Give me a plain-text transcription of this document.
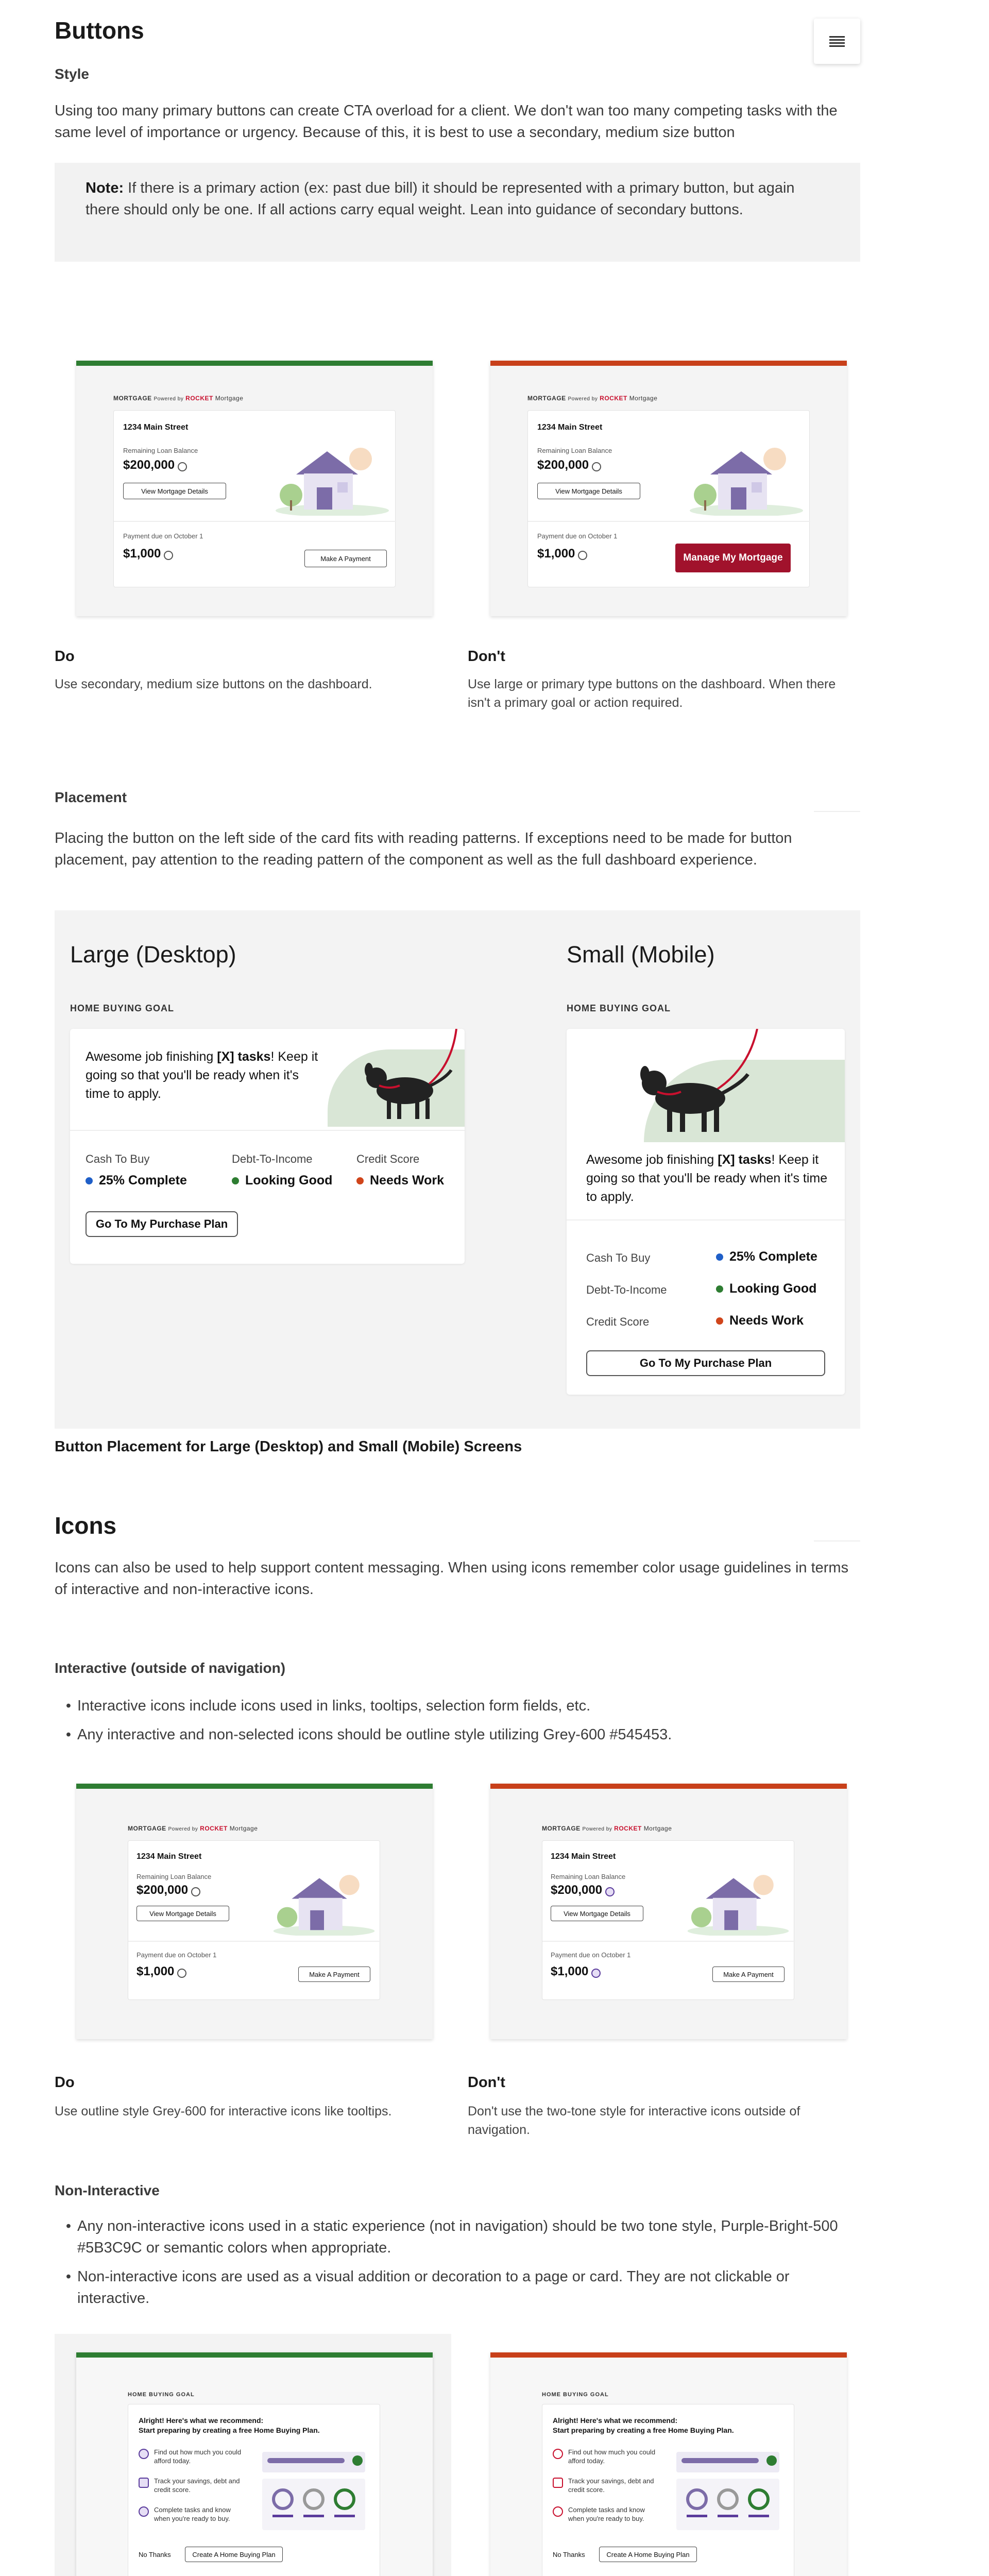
Buttons
Style
Using too many primary buttons can create CTA overload for a client. We don't wan too many competing tasks with the same level of importance or urgency. Because of this, it is best to use a secondary, medium size button

Note: If there is a primary action (ex: past due bill) it should be represented with a primary button, but again there should only be one. If all actions carry equal weight. Lean into guidance of secondary buttons.

MORTGAGE Powered by ROCKET Mortgage
1234 Main Street
Remaining Loan Balance
$200,000
View Mortgage Details
Payment due on October 1
$1,000	Make A Payment
MORTGAGE Powered by ROCKET Mortgage
1234 Main Street
Remaining Loan Balance
$200,000
View Mortgage Details
Payment due on October 1
$1,000	Manage My Mortgage
Do
Use secondary, medium size buttons on the dashboard.
Don't
Use large or primary type buttons on the dashboard. When there isn't a primary goal or action required.
Placement
Placing the button on the left side of the card fits with reading patterns. If exceptions need to be made for button placement, pay attention to the reading pattern of the component as well as the full dashboard experience.
Large (Desktop)	Small (Mobile)
HOME BUYING GOAL	HOME BUYING GOAL
Awesome job finishing [X] tasks! Keep it going so that you'll be ready when it's time to apply.
Cash To Buy	Debt-To-Income	Credit Score
25% Complete	Looking Good	Needs Work
Go To My Purchase Plan
Awesome job finishing [X] tasks! Keep it going so that you'll be ready when it's time to apply.
Cash To Buy	25% Complete
Debt-To-Income	Looking Good
Credit Score	Needs Work
Go To My Purchase Plan
Button Placement for Large (Desktop) and Small (Mobile) Screens
Icons
Icons can also be used to help support content messaging. When using icons remember color usage guidelines in terms of interactive and non-interactive icons.
Interactive (outside of navigation)
• Interactive icons include icons used in links, tooltips, selection form fields, etc.
• Any interactive and non-selected icons should be outline style utilizing Grey-600 #545453.
MORTGAGE Powered by ROCKET Mortgage
1234 Main Street
Remaining Loan Balance
$200,000
View Mortgage Details
Payment due on October 1
$1,000	Make A Payment
MORTGAGE Powered by ROCKET Mortgage
1234 Main Street
Remaining Loan Balance
$200,000
View Mortgage Details
Payment due on October 1
$1,000	Make A Payment
Do
Use outline style Grey-600 for interactive icons like tooltips.
Don't
Don't use the two-tone style for interactive icons outside of navigation.
Non-Interactive
• Any non-interactive icons used in a static experience (not in navigation) should be two tone style, Purple-Bright-500 #5B3C9C or semantic colors when appropriate.
• Non-interactive icons are used as a visual addition or decoration to a page or card. They are not clickable or interactive.
HOME BUYING GOAL
Alright! Here's what we recommend:
Start preparing by creating a free Home Buying Plan.
Find out how much you could afford today.
Track your savings, debt and credit score.
Complete tasks and know when you're ready to buy.
No Thanks	Create A Home Buying Plan
HOME BUYING GOAL
Alright! Here's what we recommend:
Start preparing by creating a free Home Buying Plan.
Find out how much you could afford today.
Track your savings, debt and credit score.
Complete tasks and know when you're ready to buy.
No Thanks	Create A Home Buying Plan
